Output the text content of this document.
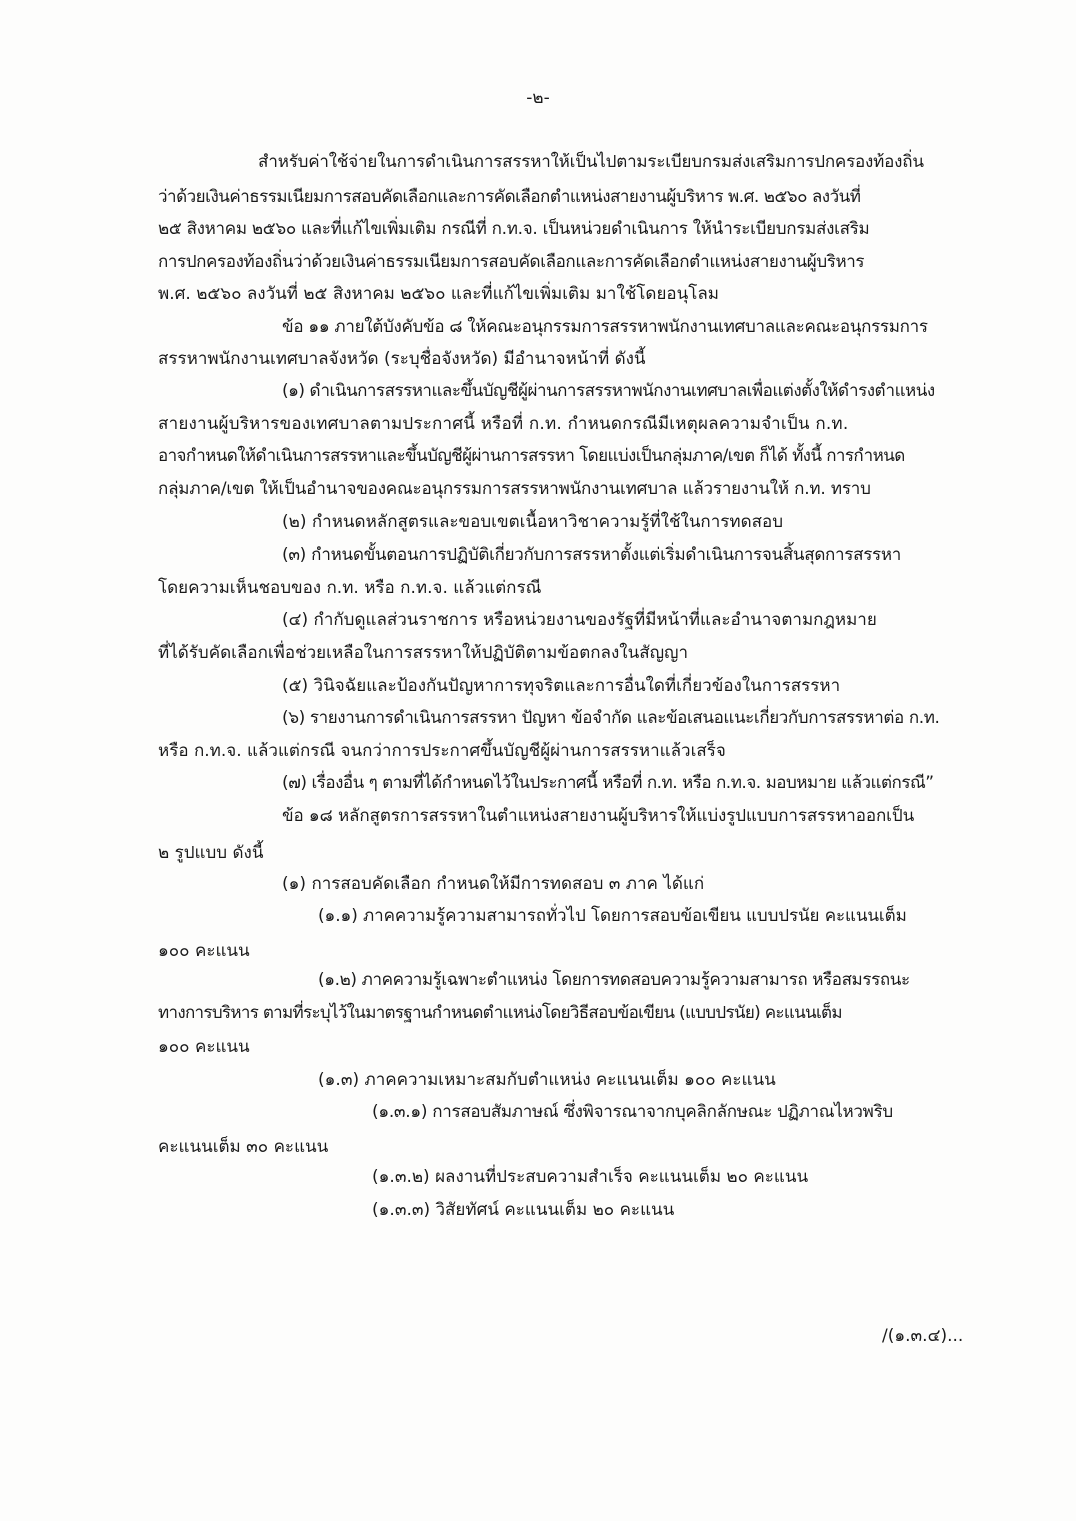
-๒-
สำหรับค่าใช้จ่ายในการดำเนินการสรรหาให้เป็นไปตามระเบียบกรมส่งเสริมการปกครองท้องถิ่น
ว่าด้วยเงินค่าธรรมเนียมการสอบคัดเลือกและการคัดเลือกตำแหน่งสายงานผู้บริหาร พ.ศ. ๒๕๖๐ ลงวันที่
๒๕ สิงหาคม ๒๕๖๐ และที่แก้ไขเพิ่มเติม กรณีที่ ก.ท.จ. เป็นหน่วยดำเนินการ ให้นำระเบียบกรมส่งเสริม
การปกครองท้องถิ่นว่าด้วยเงินค่าธรรมเนียมการสอบคัดเลือกและการคัดเลือกตำแหน่งสายงานผู้บริหาร
พ.ศ. ๒๕๖๐ ลงวันที่ ๒๕ สิงหาคม ๒๕๖๐ และที่แก้ไขเพิ่มเติม มาใช้โดยอนุโลม
ข้อ ๑๑ ภายใต้บังคับข้อ ๘ ให้คณะอนุกรรมการสรรหาพนักงานเทศบาลและคณะอนุกรรมการ
สรรหาพนักงานเทศบาลจังหวัด (ระบุชื่อจังหวัด) มีอำนาจหน้าที่ ดังนี้
(๑) ดำเนินการสรรหาและขึ้นบัญชีผู้ผ่านการสรรหาพนักงานเทศบาลเพื่อแต่งตั้งให้ดำรงตำแหน่ง
สายงานผู้บริหารของเทศบาลตามประกาศนี้ หรือที่ ก.ท. กำหนดกรณีมีเหตุผลความจำเป็น ก.ท.
อาจกำหนดให้ดำเนินการสรรหาและขึ้นบัญชีผู้ผ่านการสรรหา โดยแบ่งเป็นกลุ่มภาค/เขต ก็ได้ ทั้งนี้ การกำหนด
กลุ่มภาค/เขต ให้เป็นอำนาจของคณะอนุกรรมการสรรหาพนักงานเทศบาล แล้วรายงานให้ ก.ท. ทราบ
(๒) กำหนดหลักสูตรและขอบเขตเนื้อหาวิชาความรู้ที่ใช้ในการทดสอบ
(๓) กำหนดขั้นตอนการปฏิบัติเกี่ยวกับการสรรหาตั้งแต่เริ่มดำเนินการจนสิ้นสุดการสรรหา
โดยความเห็นชอบของ ก.ท. หรือ ก.ท.จ. แล้วแต่กรณี
(๔) กำกับดูแลส่วนราชการ หรือหน่วยงานของรัฐที่มีหน้าที่และอำนาจตามกฎหมาย
ที่ได้รับคัดเลือกเพื่อช่วยเหลือในการสรรหาให้ปฏิบัติตามข้อตกลงในสัญญา
(๕) วินิจฉัยและป้องกันปัญหาการทุจริตและการอื่นใดที่เกี่ยวข้องในการสรรหา
(๖) รายงานการดำเนินการสรรหา ปัญหา ข้อจำกัด และข้อเสนอแนะเกี่ยวกับการสรรหาต่อ ก.ท.
หรือ ก.ท.จ. แล้วแต่กรณี จนกว่าการประกาศขึ้นบัญชีผู้ผ่านการสรรหาแล้วเสร็จ
(๗) เรื่องอื่น ๆ ตามที่ได้กำหนดไว้ในประกาศนี้ หรือที่ ก.ท. หรือ ก.ท.จ. มอบหมาย แล้วแต่กรณี”
ข้อ ๑๘ หลักสูตรการสรรหาในตำแหน่งสายงานผู้บริหารให้แบ่งรูปแบบการสรรหาออกเป็น
๒ รูปแบบ ดังนี้
(๑) การสอบคัดเลือก กำหนดให้มีการทดสอบ ๓ ภาค ได้แก่
(๑.๑) ภาคความรู้ความสามารถทั่วไป โดยการสอบข้อเขียน แบบปรนัย คะแนนเต็ม
๑๐๐ คะแนน
(๑.๒) ภาคความรู้เฉพาะตำแหน่ง โดยการทดสอบความรู้ความสามารถ หรือสมรรถนะ
ทางการบริหาร ตามที่ระบุไว้ในมาตรฐานกำหนดตำแหน่งโดยวิธีสอบข้อเขียน (แบบปรนัย) คะแนนเต็ม
๑๐๐ คะแนน
(๑.๓) ภาคความเหมาะสมกับตำแหน่ง คะแนนเต็ม ๑๐๐ คะแนน
(๑.๓.๑) การสอบสัมภาษณ์ ซึ่งพิจารณาจากบุคลิกลักษณะ ปฏิภาณไหวพริบ
คะแนนเต็ม ๓๐ คะแนน
(๑.๓.๒) ผลงานที่ประสบความสำเร็จ คะแนนเต็ม ๒๐ คะแนน
(๑.๓.๓) วิสัยทัศน์ คะแนนเต็ม ๒๐ คะแนน
/(๑.๓.๔)...
